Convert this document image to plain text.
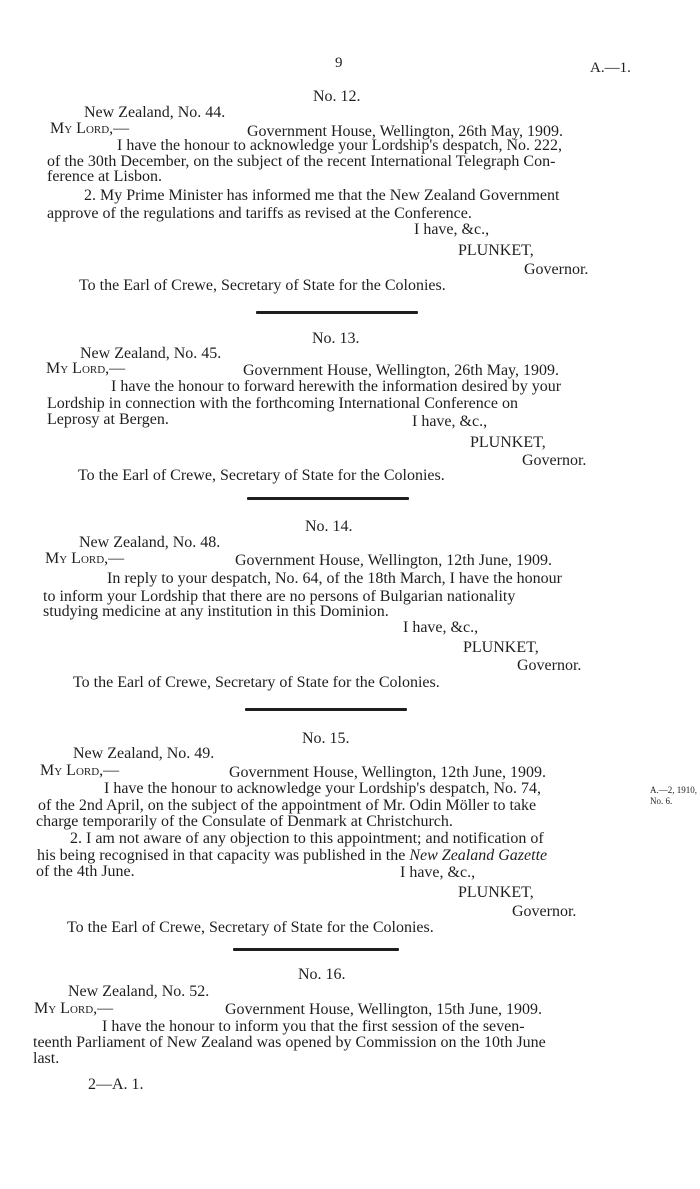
9	A.—1.
No. 12.
New Zealand, No. 44.
My Lord,—	Government House, Wellington, 26th May, 1909.
I have the honour to acknowledge your Lordship's despatch, No. 222,
of the 30th December, on the subject of the recent International Telegraph Con-
ference at Lisbon.
2. My Prime Minister has informed me that the New Zealand Government
approve of the regulations and tariffs as revised at the Conference.
I have, &c.,
PLUNKET,
Governor.
To the Earl of Crewe, Secretary of State for the Colonies.
No. 13.
New Zealand, No. 45.
My Lord,—	Government House, Wellington, 26th May, 1909.
I have the honour to forward herewith the information desired by your
Lordship in connection with the forthcoming International Conference on
Leprosy at Bergen.	I have, &c.,
PLUNKET,
Governor.
To the Earl of Crewe, Secretary of State for the Colonies.
No. 14.
New Zealand, No. 48.
My Lord,—	Government House, Wellington, 12th June, 1909.
In reply to your despatch, No. 64, of the 18th March, I have the honour
to inform your Lordship that there are no persons of Bulgarian nationality
studying medicine at any institution in this Dominion.
I have, &c.,
PLUNKET,
Governor.
To the Earl of Crewe, Secretary of State for the Colonies.
No. 15.
New Zealand, No. 49.
My Lord,—	Government House, Wellington, 12th June, 1909.
I have the honour to acknowledge your Lordship's despatch, No. 74,
of the 2nd April, on the subject of the appointment of Mr. Odin Möller to take
charge temporarily of the Consulate of Denmark at Christchurch.
2. I am not aware of any objection to this appointment; and notification of
his being recognised in that capacity was published in the New Zealand Gazette
of the 4th June.	I have, &c.,
PLUNKET,
Governor.
To the Earl of Crewe, Secretary of State for the Colonies.
A.—2, 1910,
No. 6.
No. 16.
New Zealand, No. 52.
My Lord,—	Government House, Wellington, 15th June, 1909.
I have the honour to inform you that the first session of the seven-
teenth Parliament of New Zealand was opened by Commission on the 10th June
last.
2—A. 1.
